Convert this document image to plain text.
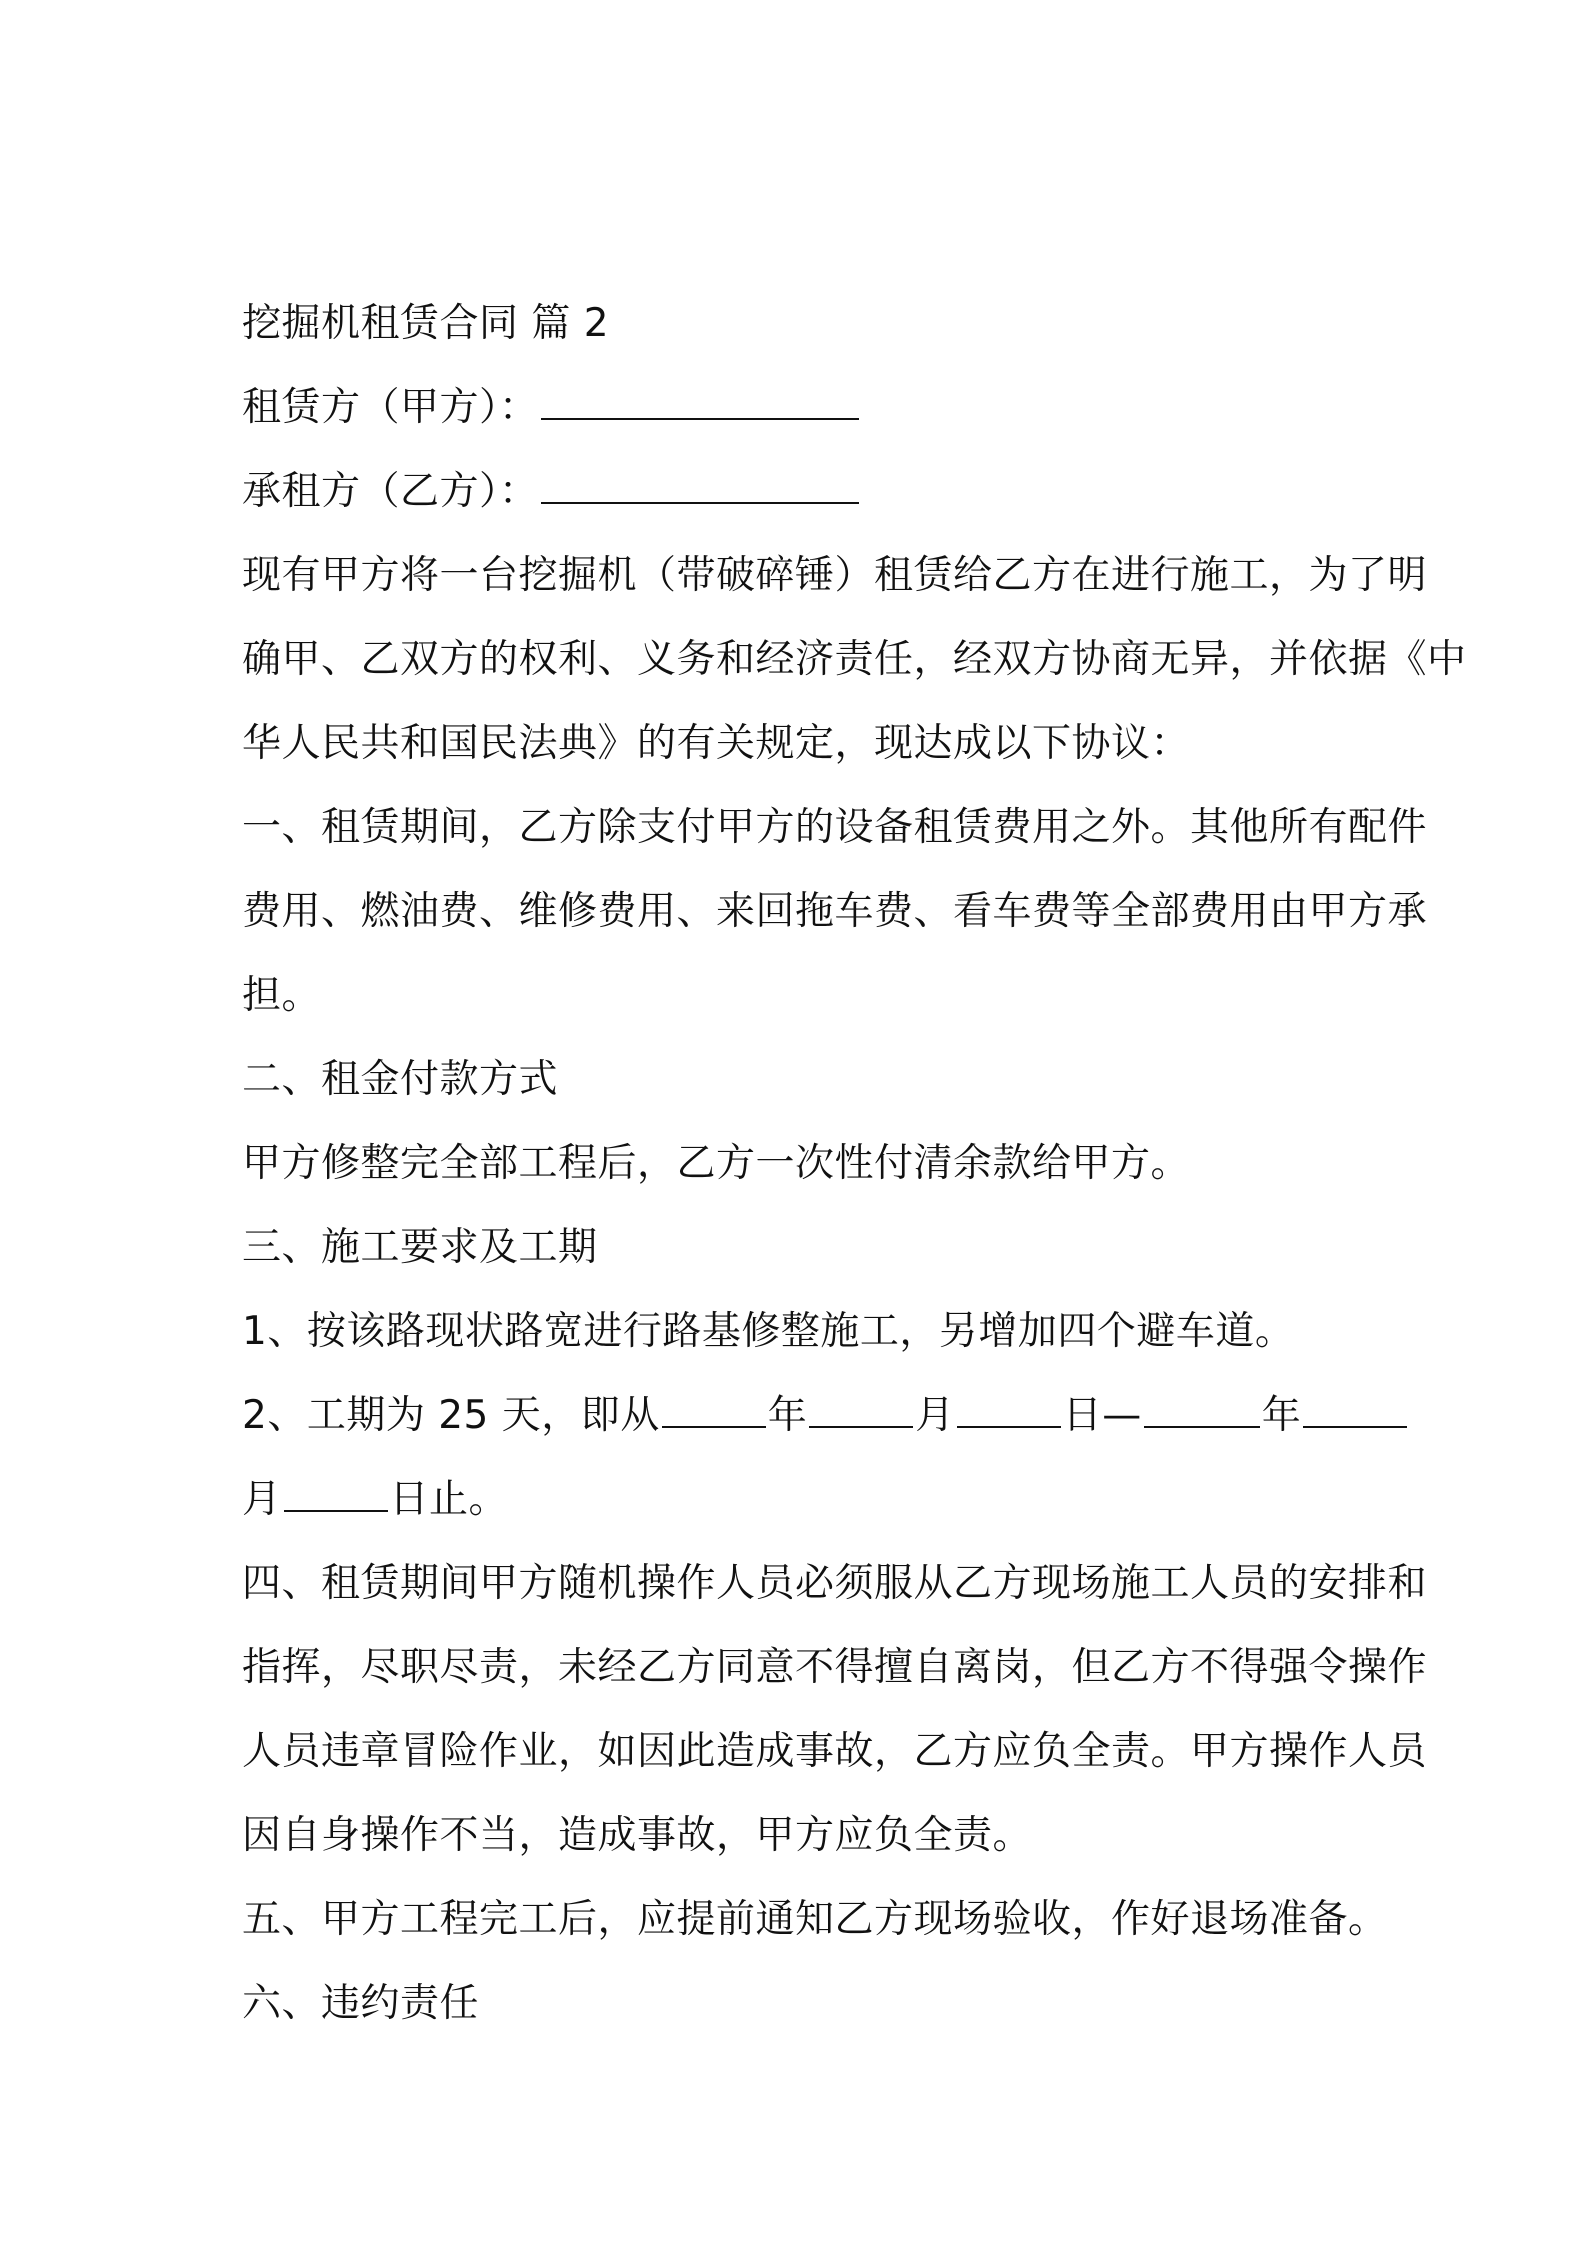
挖掘机租赁合同 篇 2
租赁方（甲方）：
承租方（乙方）：
现有甲方将一台挖掘机（带破碎锤）租赁给乙方在进行施工，为了明
确甲、乙双方的权利、义务和经济责任，经双方协商无异，并依据《中
华人民共和国民法典》的有关规定，现达成以下协议：
一、租赁期间，乙方除支付甲方的设备租赁费用之外。其他所有配件
费用、燃油费、维修费用、来回拖车费、看车费等全部费用由甲方承
担。
二、租金付款方式
甲方修整完全部工程后，乙方一次性付清余款给甲方。
三、施工要求及工期
1、按该路现状路宽进行路基修整施工，另增加四个避车道。
2、工期为 25 天，即从	年	月	日—	年
月	日止。
四、租赁期间甲方随机操作人员必须服从乙方现场施工人员的安排和
指挥，尽职尽责，未经乙方同意不得擅自离岗，但乙方不得强令操作
人员违章冒险作业，如因此造成事故，乙方应负全责。甲方操作人员
因自身操作不当，造成事故，甲方应负全责。
五、甲方工程完工后，应提前通知乙方现场验收，作好退场准备。
六、违约责任
